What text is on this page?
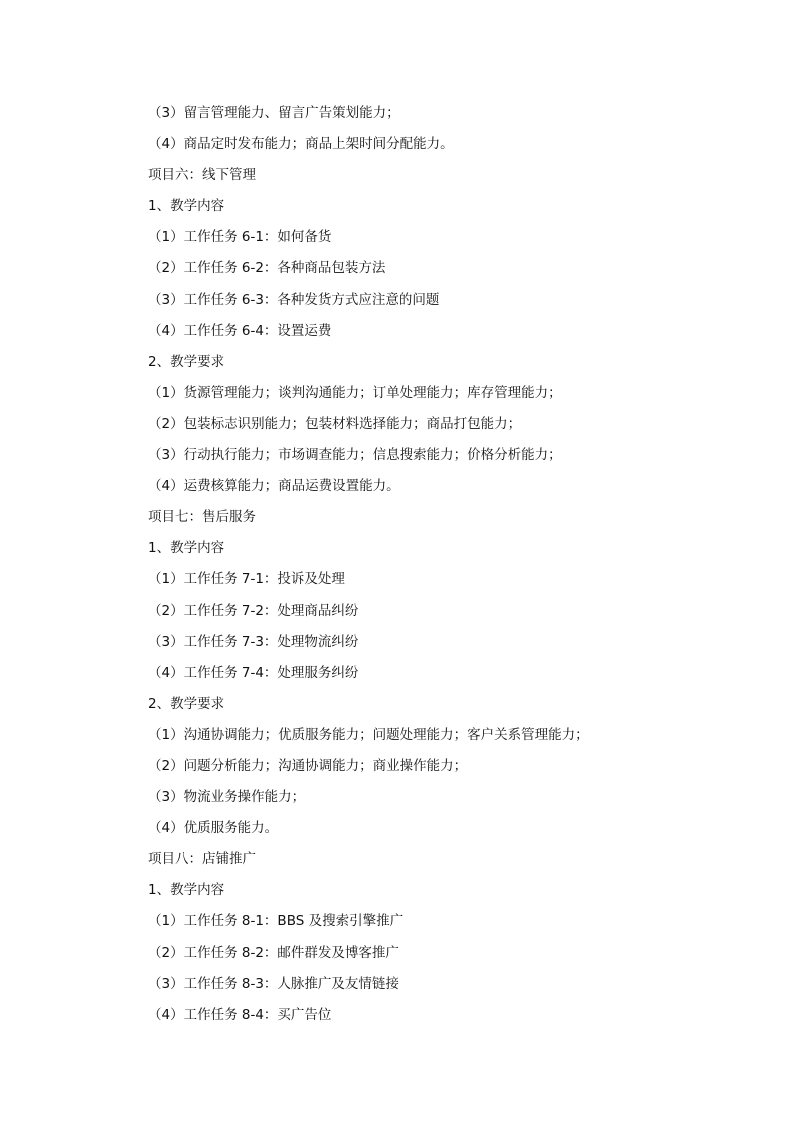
（3）留言管理能力、留言广告策划能力；
（4）商品定时发布能力；商品上架时间分配能力。
项目六：线下管理
1、教学内容
（1）工作任务 6-1：如何备货
（2）工作任务 6-2：各种商品包装方法
（3）工作任务 6-3：各种发货方式应注意的问题
（4）工作任务 6-4：设置运费
2、教学要求
（1）货源管理能力；谈判沟通能力；订单处理能力；库存管理能力；
（2）包装标志识别能力；包装材料选择能力；商品打包能力；
（3）行动执行能力；市场调查能力；信息搜索能力；价格分析能力；
（4）运费核算能力；商品运费设置能力。
项目七：售后服务
1、教学内容
（1）工作任务 7-1：投诉及处理
（2）工作任务 7-2：处理商品纠纷
（3）工作任务 7-3：处理物流纠纷
（4）工作任务 7-4：处理服务纠纷
2、教学要求
（1）沟通协调能力；优质服务能力；问题处理能力；客户关系管理能力；
（2）问题分析能力；沟通协调能力；商业操作能力；
（3）物流业务操作能力；
（4）优质服务能力。
项目八：店铺推广
1、教学内容
（1）工作任务 8-1：BBS 及搜索引擎推广
（2）工作任务 8-2：邮件群发及博客推广
（3）工作任务 8-3：人脉推广及友情链接
（4）工作任务 8-4：买广告位
